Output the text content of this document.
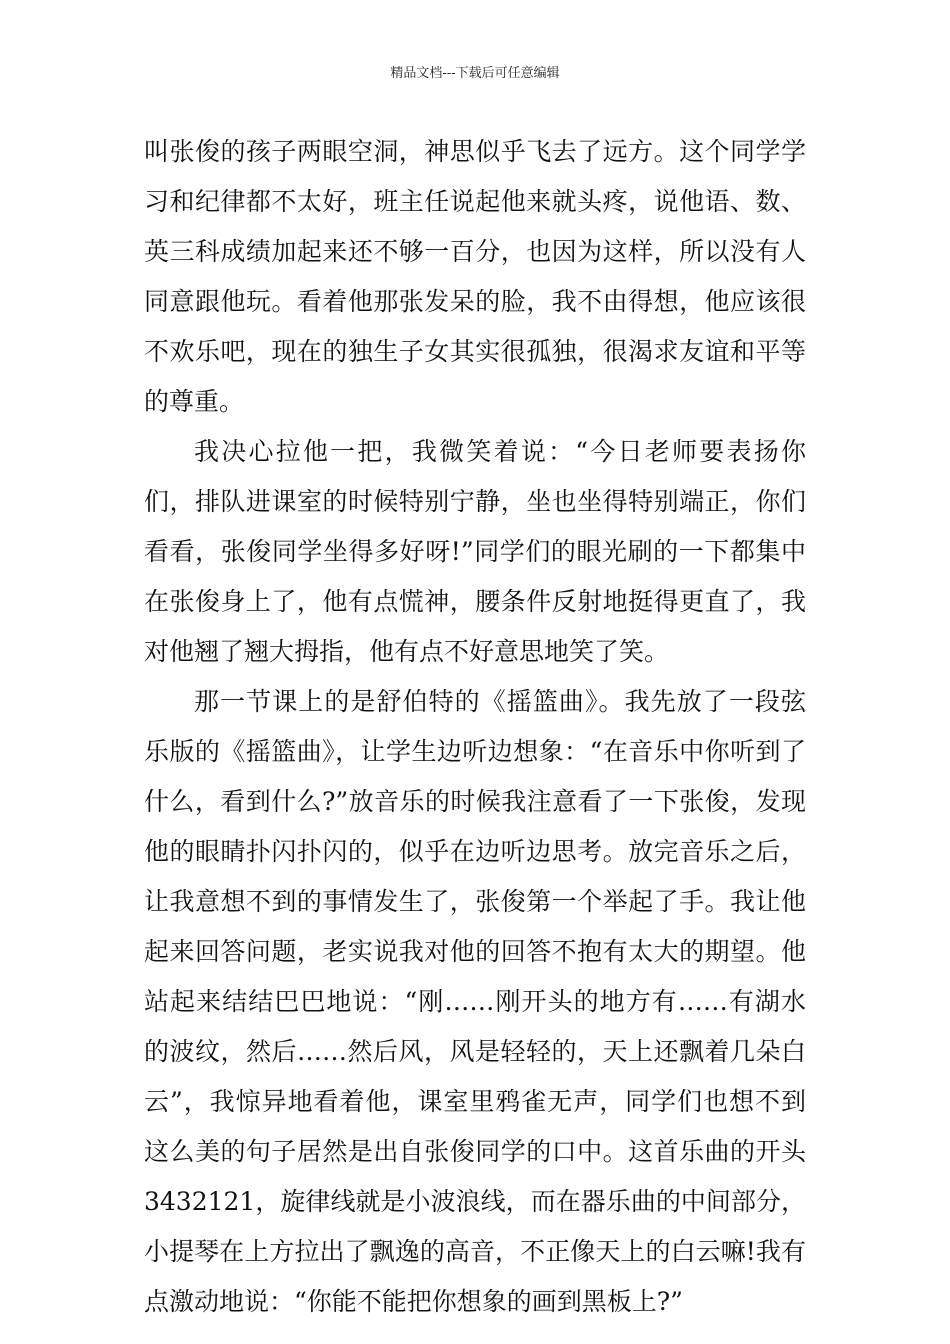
精品文档---下载后可任意编辑

叫张俊的孩子两眼空洞，神思似乎飞去了远方。这个同学学习和纪律都不太好，班主任说起他来就头疼，说他语、数、英三科成绩加起来还不够一百分，也因为这样，所以没有人同意跟他玩。看着他那张发呆的脸，我不由得想，他应该很不欢乐吧，现在的独生子女其实很孤独，很渴求友谊和平等的尊重。

我决心拉他一把，我微笑着说：“今日老师要表扬你们，排队进课室的时候特别宁静，坐也坐得特别端正，你们看看，张俊同学坐得多好呀!”同学们的眼光刷的一下都集中在张俊身上了，他有点慌神，腰条件反射地挺得更直了，我对他翘了翘大拇指，他有点不好意思地笑了笑。

那一节课上的是舒伯特的《摇篮曲》。我先放了一段弦乐版的《摇篮曲》，让学生边听边想象：“在音乐中你听到了什么，看到什么?”放音乐的时候我注意看了一下张俊，发现他的眼睛扑闪扑闪的，似乎在边听边思考。放完音乐之后，让我意想不到的事情发生了，张俊第一个举起了手。我让他起来回答问题，老实说我对他的回答不抱有太大的期望。他站起来结结巴巴地说：“刚……刚开头的地方有……有湖水的波纹，然后……然后风，风是轻轻的，天上还飘着几朵白云”，我惊异地看着他，课室里鸦雀无声，同学们也想不到这么美的句子居然是出自张俊同学的口中。这首乐曲的开头3432121，旋律线就是小波浪线，而在器乐曲的中间部分，小提琴在上方拉出了飘逸的高音，不正像天上的白云嘛!我有点激动地说：“你能不能把你想象的画到黑板上?”
